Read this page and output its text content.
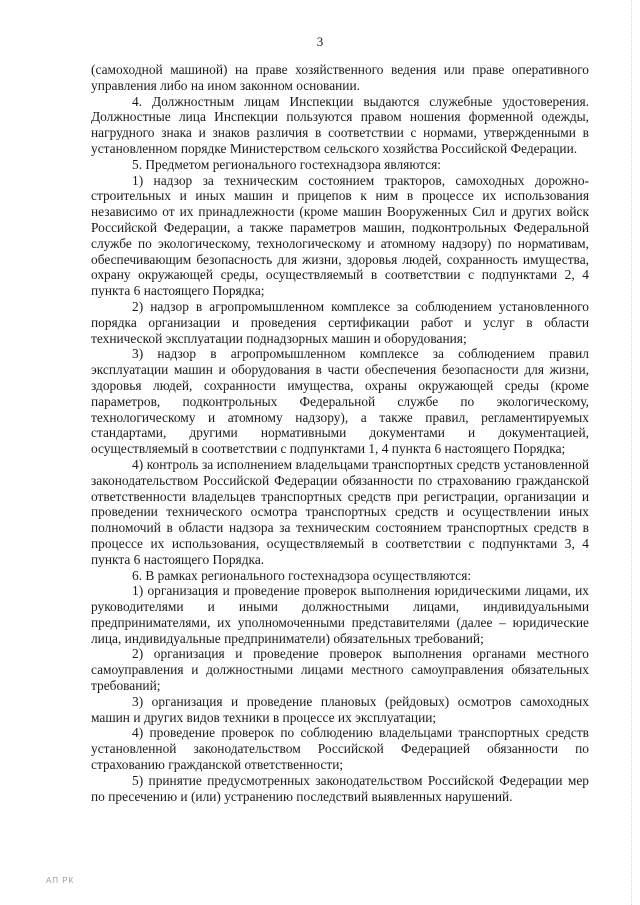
3

(самоходной машиной) на праве хозяйственного ведения или праве оперативного управления либо на ином законном основании.

4. Должностным лицам Инспекции выдаются служебные удостоверения. Должностные лица Инспекции пользуются правом ношения форменной одежды, нагрудного знака и знаков различия в соответствии с нормами, утвержденными в установленном порядке Министерством сельского хозяйства Российской Федерации.

5. Предметом регионального гостехнадзора являются:

1) надзор за техническим состоянием тракторов, самоходных дорожно-строительных и иных машин и прицепов к ним в процессе их использования независимо от их принадлежности (кроме машин Вооруженных Сил и других войск Российской Федерации, а также параметров машин, подконтрольных Федеральной службе по экологическому, технологическому и атомному надзору) по нормативам, обеспечивающим безопасность для жизни, здоровья людей, сохранность имущества, охрану окружающей среды, осуществляемый в соответствии с подпунктами 2, 4 пункта 6 настоящего Порядка;

2) надзор в агропромышленном комплексе за соблюдением установленного порядка организации и проведения сертификации работ и услуг в области технической эксплуатации поднадзорных машин и оборудования;

3) надзор в агропромышленном комплексе за соблюдением правил эксплуатации машин и оборудования в части обеспечения безопасности для жизни, здоровья людей, сохранности имущества, охраны окружающей среды (кроме параметров, подконтрольных Федеральной службе по экологическому, технологическому и атомному надзору), а также правил, регламентируемых стандартами, другими нормативными документами и документацией, осуществляемый в соответствии с подпунктами 1, 4 пункта 6 настоящего Порядка;

4) контроль за исполнением владельцами транспортных средств установленной законодательством Российской Федерации обязанности по страхованию гражданской ответственности владельцев транспортных средств при регистрации, организации и проведении технического осмотра транспортных средств и осуществлении иных полномочий в области надзора за техническим состоянием транспортных средств в процессе их использования, осуществляемый в соответствии с подпунктами 3, 4 пункта 6 настоящего Порядка.

6. В рамках регионального гостехнадзора осуществляются:

1) организация и проведение проверок выполнения юридическими лицами, их руководителями и иными должностными лицами, индивидуальными предпринимателями, их уполномоченными представителями (далее – юридические лица, индивидуальные предприниматели) обязательных требований;

2) организация и проведение проверок выполнения органами местного самоуправления и должностными лицами местного самоуправления обязательных требований;

3) организация и проведение плановых (рейдовых) осмотров самоходных машин и других видов техники в процессе их эксплуатации;

4) проведение проверок по соблюдению владельцами транспортных средств установленной законодательством Российской Федерацией обязанности по страхованию гражданской ответственности;

5) принятие предусмотренных законодательством Российской Федерации мер по пресечению и (или) устранению последствий выявленных нарушений.

АП РК
